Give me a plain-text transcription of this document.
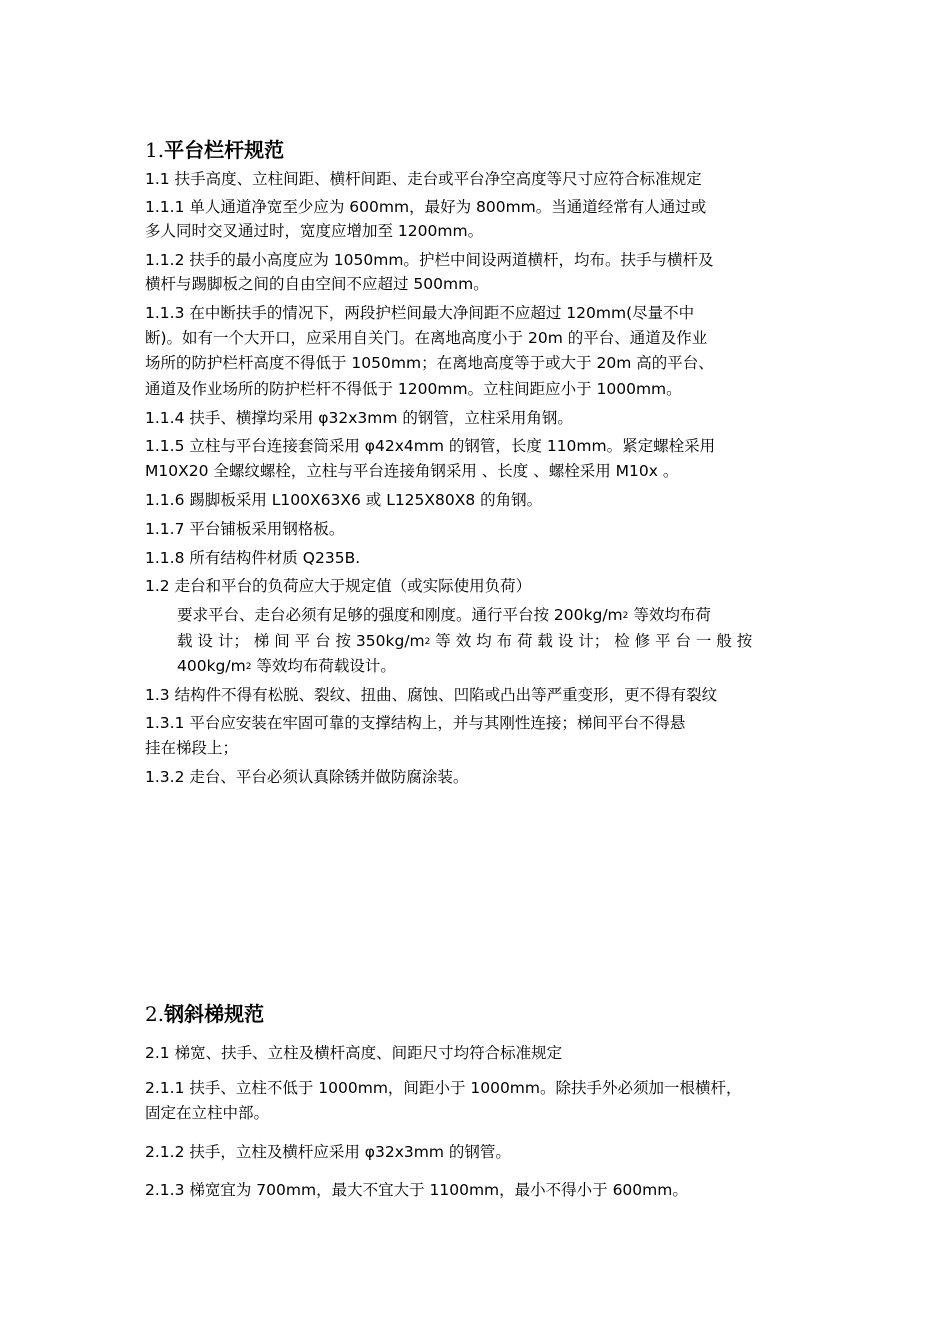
1.平台栏杆规范
1.1 扶手高度、立柱间距、横杆间距、走台或平台净空高度等尺寸应符合标准规定
1.1.1 单人通道净宽至少应为 600mm，最好为 800mm。当通道经常有人通过或
多人同时交叉通过时，宽度应增加至 1200mm。
1.1.2 扶手的最小高度应为 1050mm。护栏中间设两道横杆，均布。扶手与横杆及
横杆与踢脚板之间的自由空间不应超过 500mm。
1.1.3 在中断扶手的情况下，两段护栏间最大净间距不应超过 120mm(尽量不中
断)。如有一个大开口，应采用自关门。在离地高度小于 20m 的平台、通道及作业
场所的防护栏杆高度不得低于 1050mm；在离地高度等于或大于 20m 高的平台、
通道及作业场所的防护栏杆不得低于 1200mm。立柱间距应小于 1000mm。
1.1.4 扶手、横撑均采用 φ32x3mm 的钢管，立柱采用角钢。
1.1.5 立柱与平台连接套筒采用 φ42x4mm 的钢管，长度 110mm。紧定螺栓采用
M10X20 全螺纹螺栓，立柱与平台连接角钢采用 、长度 、螺栓采用 M10x 。
1.1.6 踢脚板采用 L100X63X6 或 L125X80X8 的角钢。
1.1.7 平台铺板采用钢格板。
1.1.8 所有结构件材质 Q235B.
1.2 走台和平台的负荷应大于规定值（或实际使用负荷）
要求平台、走台必须有足够的强度和刚度。通行平台按 $200kg/m^2$ 等效均布荷
载 设 计； 梯 间 平 台 按 $350kg/m^2$ 等 效 均 布 荷 载 设 计； 检 修 平 台 一 般 按
$400kg/m^2$ 等效均布荷载设计。
1.3 结构件不得有松脱、裂纹、扭曲、腐蚀、凹陷或凸出等严重变形，更不得有裂纹
1.3.1 平台应安装在牢固可靠的支撑结构上，并与其刚性连接；梯间平台不得悬
挂在梯段上；
1.3.2 走台、平台必须认真除锈并做防腐涂装。
2.钢斜梯规范
2.1 梯宽、扶手、立柱及横杆高度、间距尺寸均符合标准规定
2.1.1 扶手、立柱不低于 1000mm，间距小于 1000mm。除扶手外必须加一根横杆，
固定在立柱中部。
2.1.2 扶手，立柱及横杆应采用 φ32x3mm 的钢管。
2.1.3 梯宽宜为 700mm，最大不宜大于 1100mm，最小不得小于 600mm。
